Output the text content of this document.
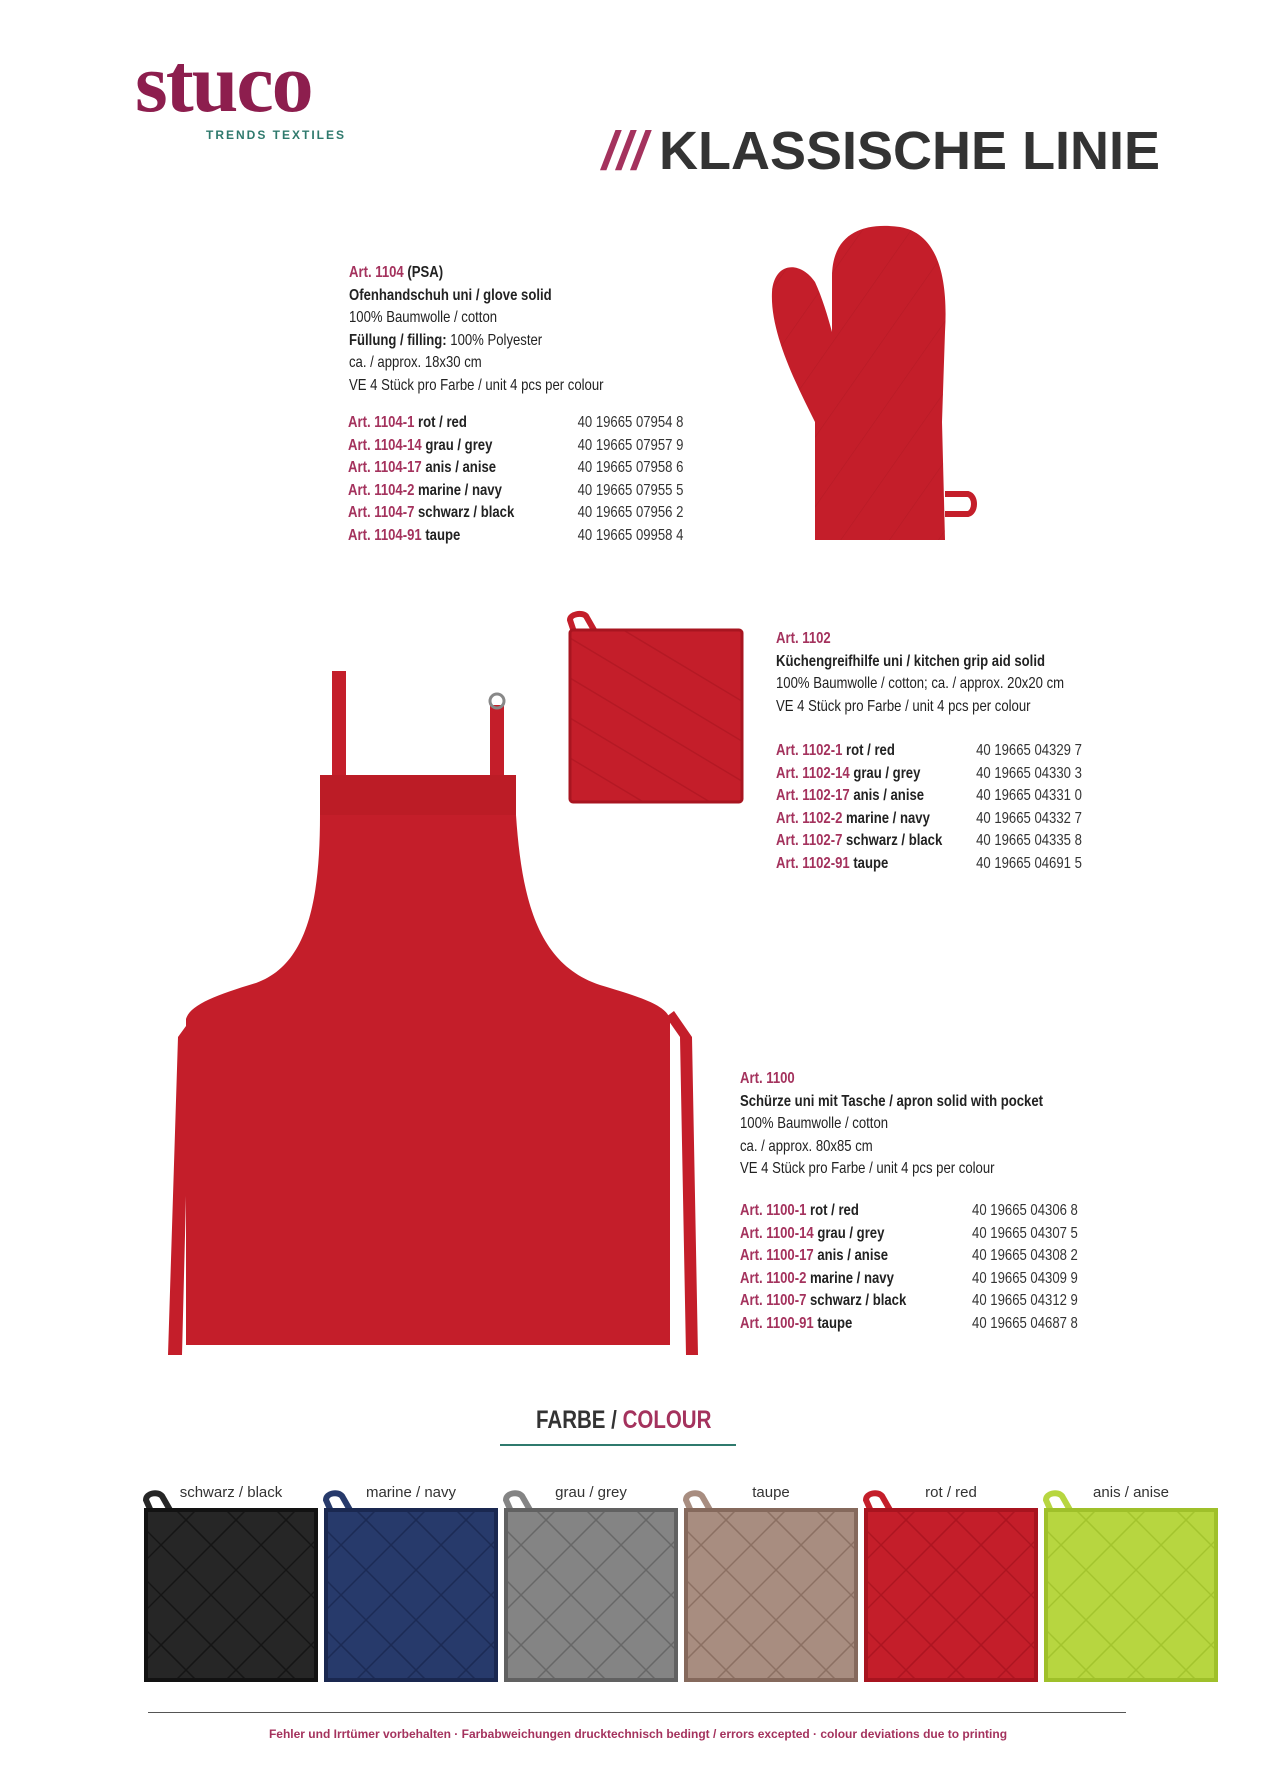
stuco
TRENDS TEXTILES	/// KLASSISCHE LINIE
Art. 1104 (PSA)
Ofenhandschuh uni / glove solid
100% Baumwolle / cotton
Füllung / filling: 100% Polyester
ca. / approx. 18x30 cm
VE 4 Stück pro Farbe / unit 4 pcs per colour
Art. 1104-1 rot / red	40 19665 07954 8
Art. 1104-14 grau / grey	40 19665 07957 9
Art. 1104-17 anis / anise	40 19665 07958 6
Art. 1104-2 marine / navy	40 19665 07955 5
Art. 1104-7 schwarz / black	40 19665 07956 2
Art. 1104-91 taupe	40 19665 09958 4
Art. 1102
Küchengreifhilfe uni / kitchen grip aid solid
100% Baumwolle / cotton; ca. / approx. 20x20 cm
VE 4 Stück pro Farbe / unit 4 pcs per colour
Art. 1102-1 rot / red	40 19665 04329 7
Art. 1102-14 grau / grey	40 19665 04330 3
Art. 1102-17 anis / anise	40 19665 04331 0
Art. 1102-2 marine / navy	40 19665 04332 7
Art. 1102-7 schwarz / black 40 19665 04335 8
Art. 1102-91 taupe	40 19665 04691 5
Art. 1100
Schürze uni mit Tasche / apron solid with pocket
100% Baumwolle / cotton
ca. / approx. 80x85 cm
VE 4 Stück pro Farbe / unit 4 pcs per colour
Art. 1100-1 rot / red	40 19665 04306 8
Art. 1100-14 grau / grey	40 19665 04307 5
Art. 1100-17 anis / anise	40 19665 04308 2
Art. 1100-2 marine / navy	40 19665 04309 9
Art. 1100-7 schwarz / black	40 19665 04312 9
Art. 1100-91 taupe	40 19665 04687 8
FARBE / COLOUR
schwarz / black	marine / navy	grau / grey	taupe	rot / red	anis / anise
Fehler und Irrtümer vorbehalten · Farbabweichungen drucktechnisch bedingt / errors excepted · colour deviations due to printing
